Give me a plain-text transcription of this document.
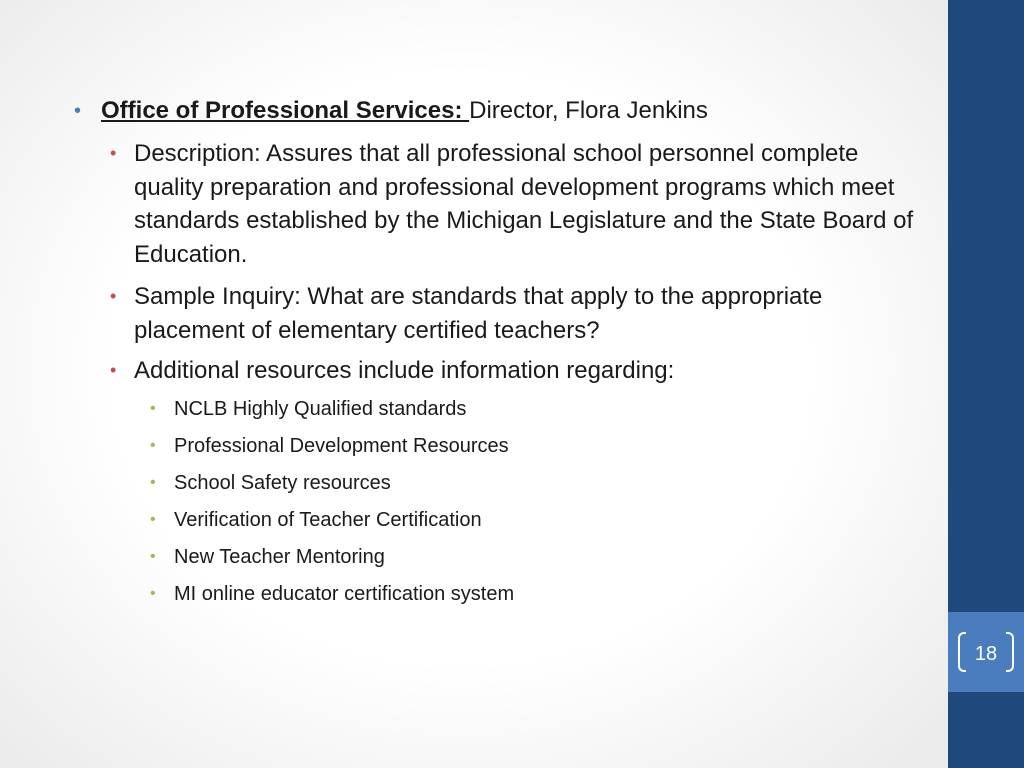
• Office of Professional Services: Director, Flora Jenkins
• Description: Assures that all professional school personnel complete quality preparation and professional development programs which meet standards established by the Michigan Legislature and the State Board of Education.
• Sample Inquiry: What are standards that apply to the appropriate placement of elementary certified teachers?
• Additional resources include information regarding:
• NCLB Highly Qualified standards
• Professional Development Resources
• School Safety resources
• Verification of Teacher Certification
• New Teacher Mentoring
• MI online educator certification system
18
